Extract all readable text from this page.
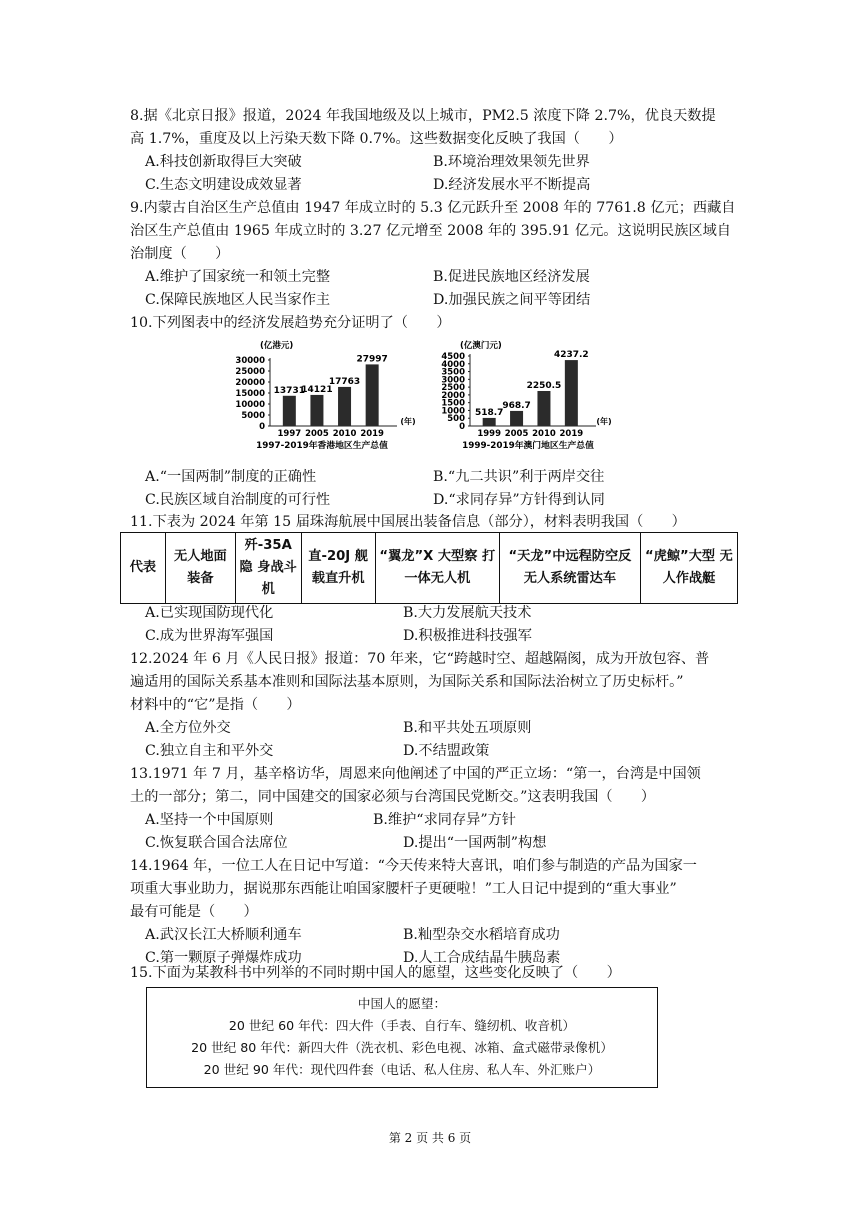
8.据《北京日报》报道，2024 年我国地级及以上城市，PM2.5 浓度下降 2.7%，优良天数提
高 1.7%，重度及以上污染天数下降 0.7%。这些数据变化反映了我国（　　）
A.科技创新取得巨大突破	B.环境治理效果领先世界
C.生态文明建设成效显著	D.经济发展水平不断提高
9.内蒙古自治区生产总值由 1947 年成立时的 5.3 亿元跃升至 2008 年的 7761.8 亿元；西藏自
治区生产总值由 1965 年成立时的 3.27 亿元增至 2008 年的 395.91 亿元。这说明民族区域自
治制度（　　）
A.维护了国家统一和领土完整	B.促进民族地区经济发展
C.保障民族地区人民当家作主	D.加强民族之间平等团结
10.下列图表中的经济发展趋势充分证明了（　　）
(亿港元)
0
5000
10000
15000
20000
25000
30000
13731
1997
14121
2005
17763
2010
27997
2019
(年)
1997-2019年香港地区生产总值
(亿澳门元)
0
500
1000
1500
2000
2500
3000
3500
4000
4500
518.7
1999
968.7
2005
2250.5
2010
4237.2
2019
(年)
1999-2019年澳门地区生产总值
A.“一国两制”制度的正确性	B.“九二共识”利于两岸交往
C.民族区域自治制度的可行性	D.“求同存异”方针得到认同
11.下表为 2024 年第 15 届珠海航展中国展出装备信息（部分），材料表明我国（　　）
代表	无人地面装备	歼-35A 隐 身战斗机	直-20J 舰 载直升机	“翼龙”X 大型察 打一体无人机	“天龙”中远程防空反无人系统雷达车	“虎鲸”大型 无人作战艇
A.已实现国防现代化	B.大力发展航天技术
C.成为世界海军强国	D.积极推进科技强军
12.2024 年 6 月《人民日报》报道：70 年来，它“跨越时空、超越隔阂，成为开放包容、普
遍适用的国际关系基本准则和国际法基本原则，为国际关系和国际法治树立了历史标杆。”
材料中的“它”是指（　　）
A.全方位外交	B.和平共处五项原则
C.独立自主和平外交	D.不结盟政策
13.1971 年 7 月，基辛格访华，周恩来向他阐述了中国的严正立场：“第一，台湾是中国领
土的一部分；第二，同中国建交的国家必须与台湾国民党断交。”这表明我国（　　）
A.坚持一个中国原则	B.维护“求同存异”方针
C.恢复联合国合法席位	D.提出“一国两制”构想
14.1964 年，一位工人在日记中写道：“今天传来特大喜讯，咱们参与制造的产品为国家一
项重大事业助力，据说那东西能让咱国家腰杆子更硬啦！”工人日记中提到的“重大事业”
最有可能是（　　）
A.武汉长江大桥顺利通车	B.籼型杂交水稻培育成功
C.第一颗原子弹爆炸成功	D.人工合成结晶牛胰岛素
15.下面为某教科书中列举的不同时期中国人的愿望，这些变化反映了（　　）
中国人的愿望：
20 世纪 60 年代：四大件（手表、自行车、缝纫机、收音机）
20 世纪 80 年代：新四大件（洗衣机、彩色电视、冰箱、盒式磁带录像机）
20 世纪 90 年代：现代四件套（电话、私人住房、私人车、外汇账户）
第 2 页 共 6 页
